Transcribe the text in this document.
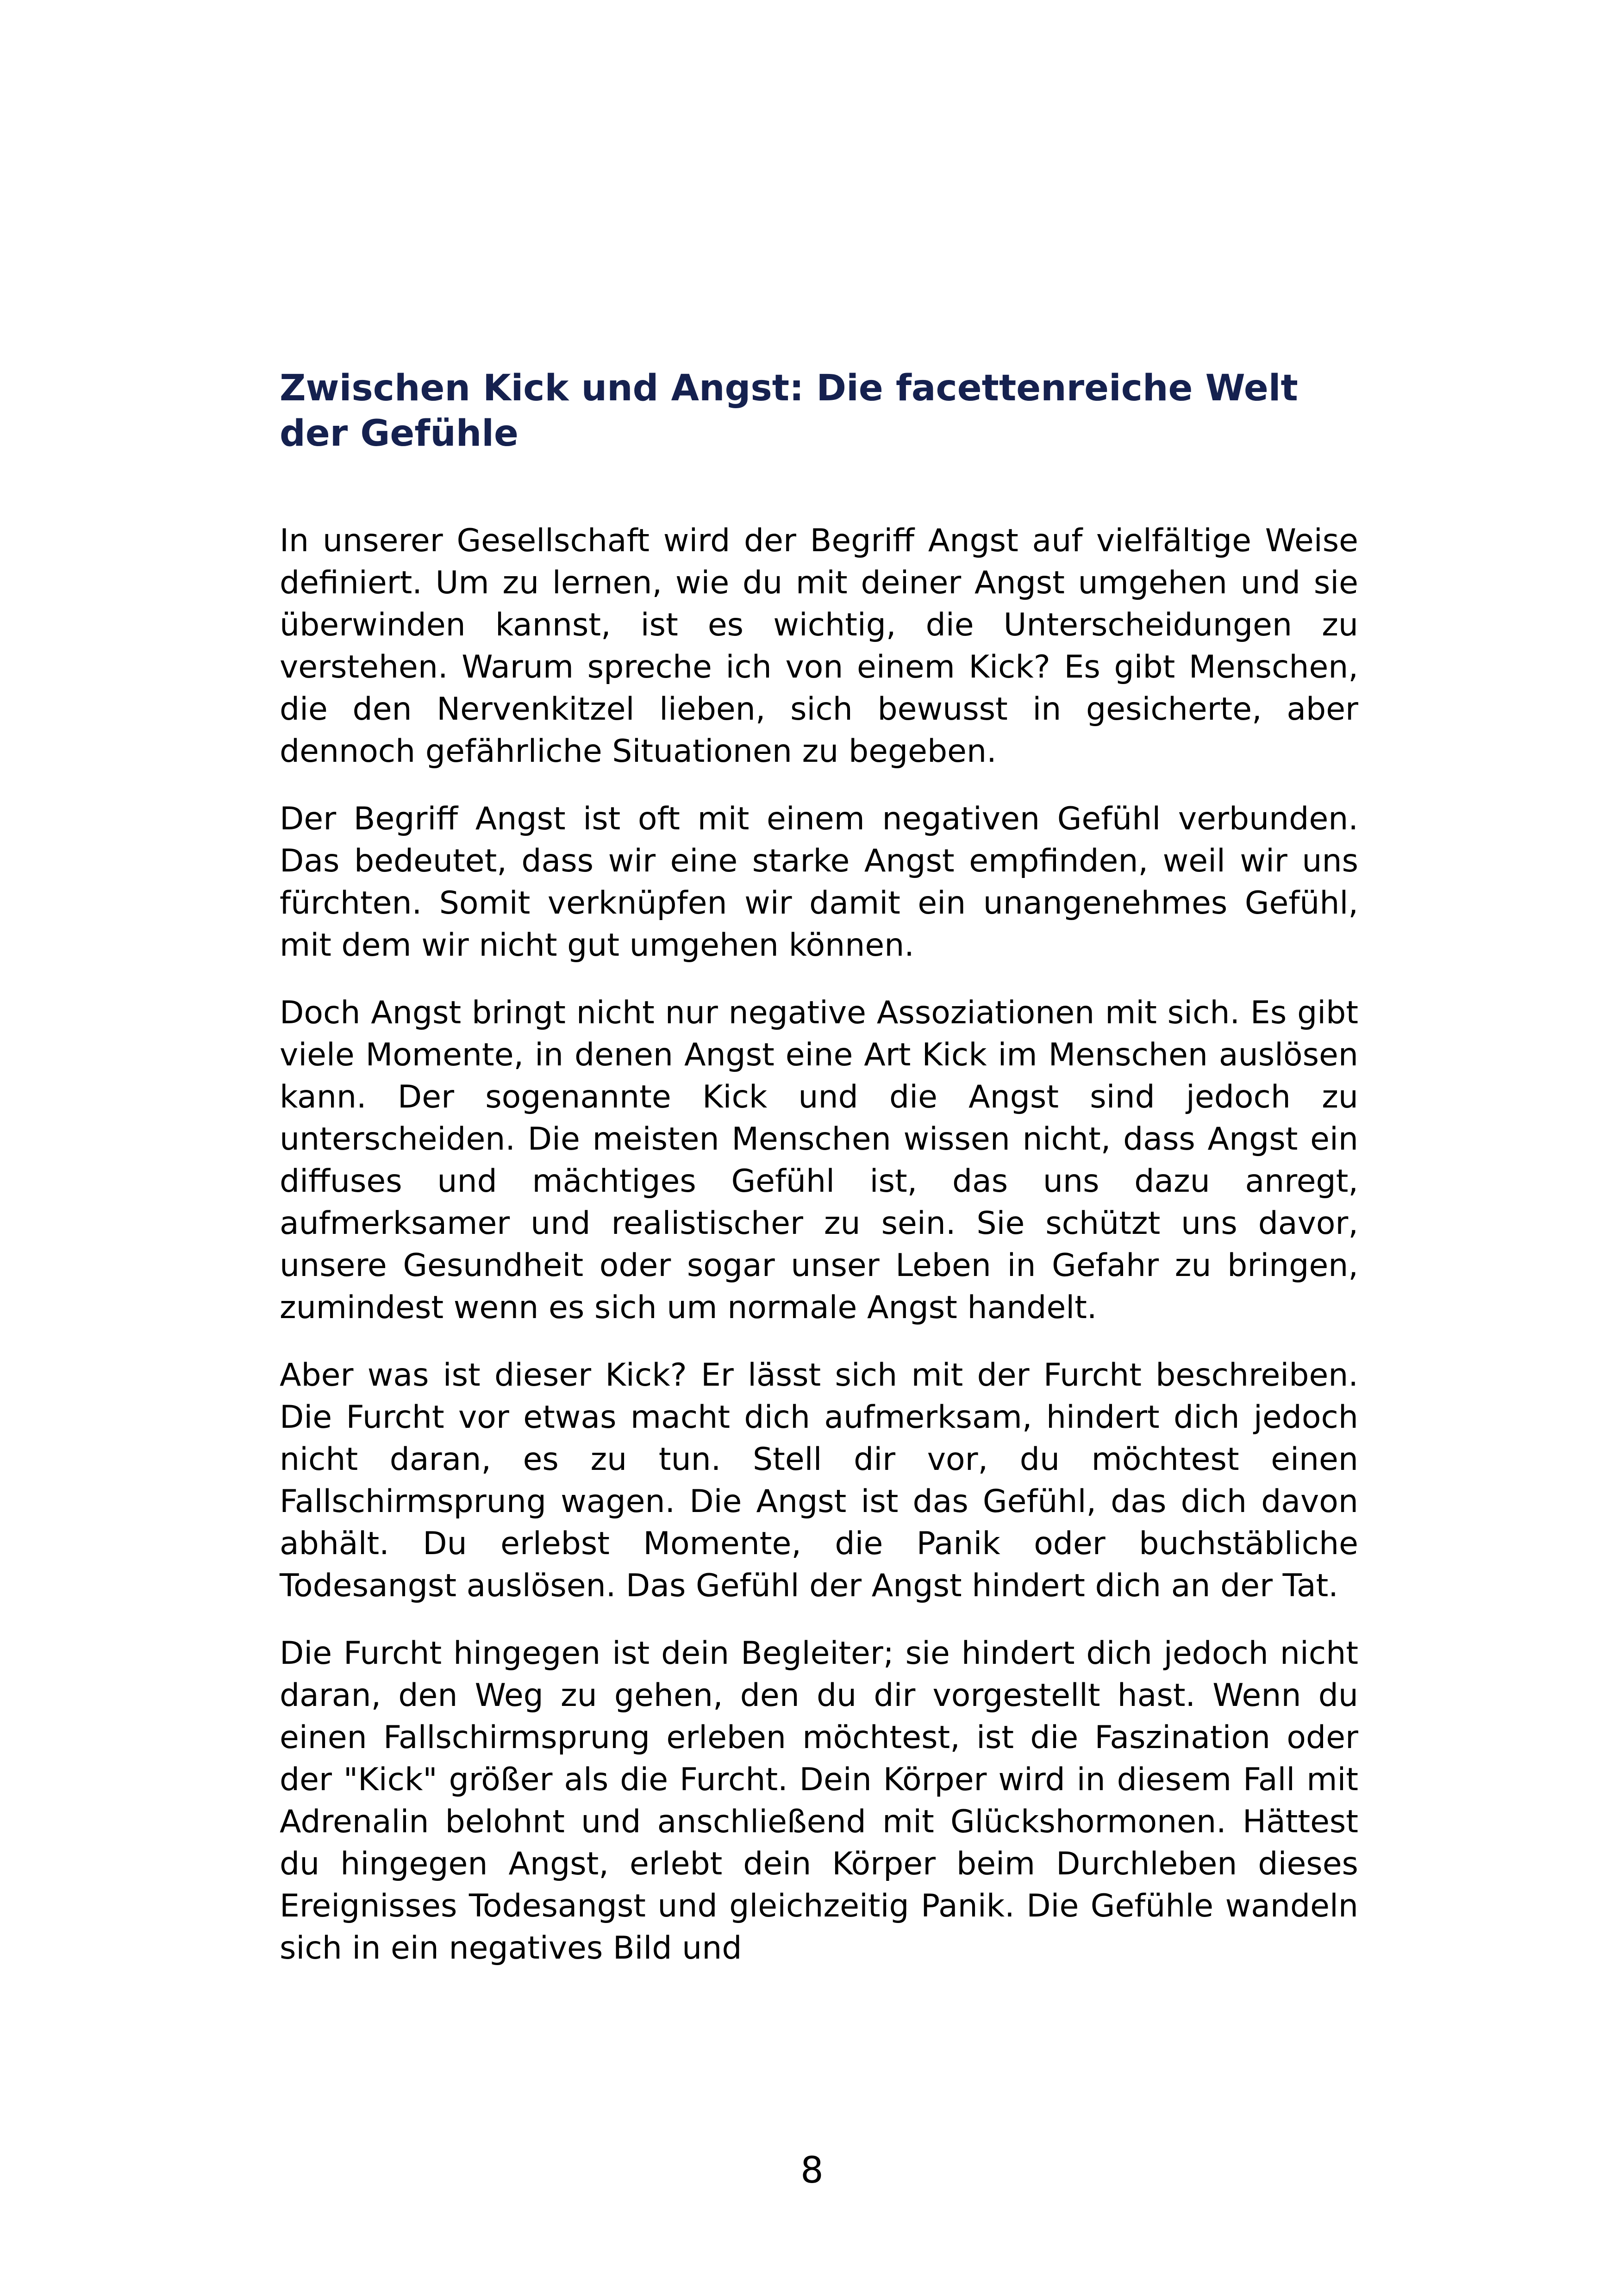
Zwischen Kick und Angst: Die facettenreiche Welt der Gefühle

In unserer Gesellschaft wird der Begriff Angst auf vielfältige Weise definiert. Um zu lernen, wie du mit deiner Angst umgehen und sie überwinden kannst, ist es wichtig, die Unterscheidungen zu verstehen. Warum spreche ich von einem Kick? Es gibt Menschen, die den Nervenkitzel lieben, sich bewusst in gesicherte, aber dennoch gefährliche Situationen zu begeben.

Der Begriff Angst ist oft mit einem negativen Gefühl verbunden. Das bedeutet, dass wir eine starke Angst empfinden, weil wir uns fürchten. Somit verknüpfen wir damit ein unangenehmes Gefühl, mit dem wir nicht gut umgehen können.

Doch Angst bringt nicht nur negative Assoziationen mit sich. Es gibt viele Momente, in denen Angst eine Art Kick im Menschen auslösen kann. Der sogenannte Kick und die Angst sind jedoch zu unterscheiden. Die meisten Menschen wissen nicht, dass Angst ein diffuses und mächtiges Gefühl ist, das uns dazu anregt, aufmerksamer und realistischer zu sein. Sie schützt uns davor, unsere Gesundheit oder sogar unser Leben in Gefahr zu bringen, zumindest wenn es sich um normale Angst handelt.

Aber was ist dieser Kick? Er lässt sich mit der Furcht beschreiben. Die Furcht vor etwas macht dich aufmerksam, hindert dich jedoch nicht daran, es zu tun. Stell dir vor, du möchtest einen Fallschirmsprung wagen. Die Angst ist das Gefühl, das dich davon abhält. Du erlebst Momente, die Panik oder buchstäbliche Todesangst auslösen. Das Gefühl der Angst hindert dich an der Tat.

Die Furcht hingegen ist dein Begleiter; sie hindert dich jedoch nicht daran, den Weg zu gehen, den du dir vorgestellt hast. Wenn du einen Fallschirmsprung erleben möchtest, ist die Faszination oder der "Kick" größer als die Furcht. Dein Körper wird in diesem Fall mit Adrenalin belohnt und anschließend mit Glückshormonen. Hättest du hingegen Angst, erlebt dein Körper beim Durchleben dieses Ereignisses Todesangst und gleichzeitig Panik. Die Gefühle wandeln sich in ein negatives Bild und

8
